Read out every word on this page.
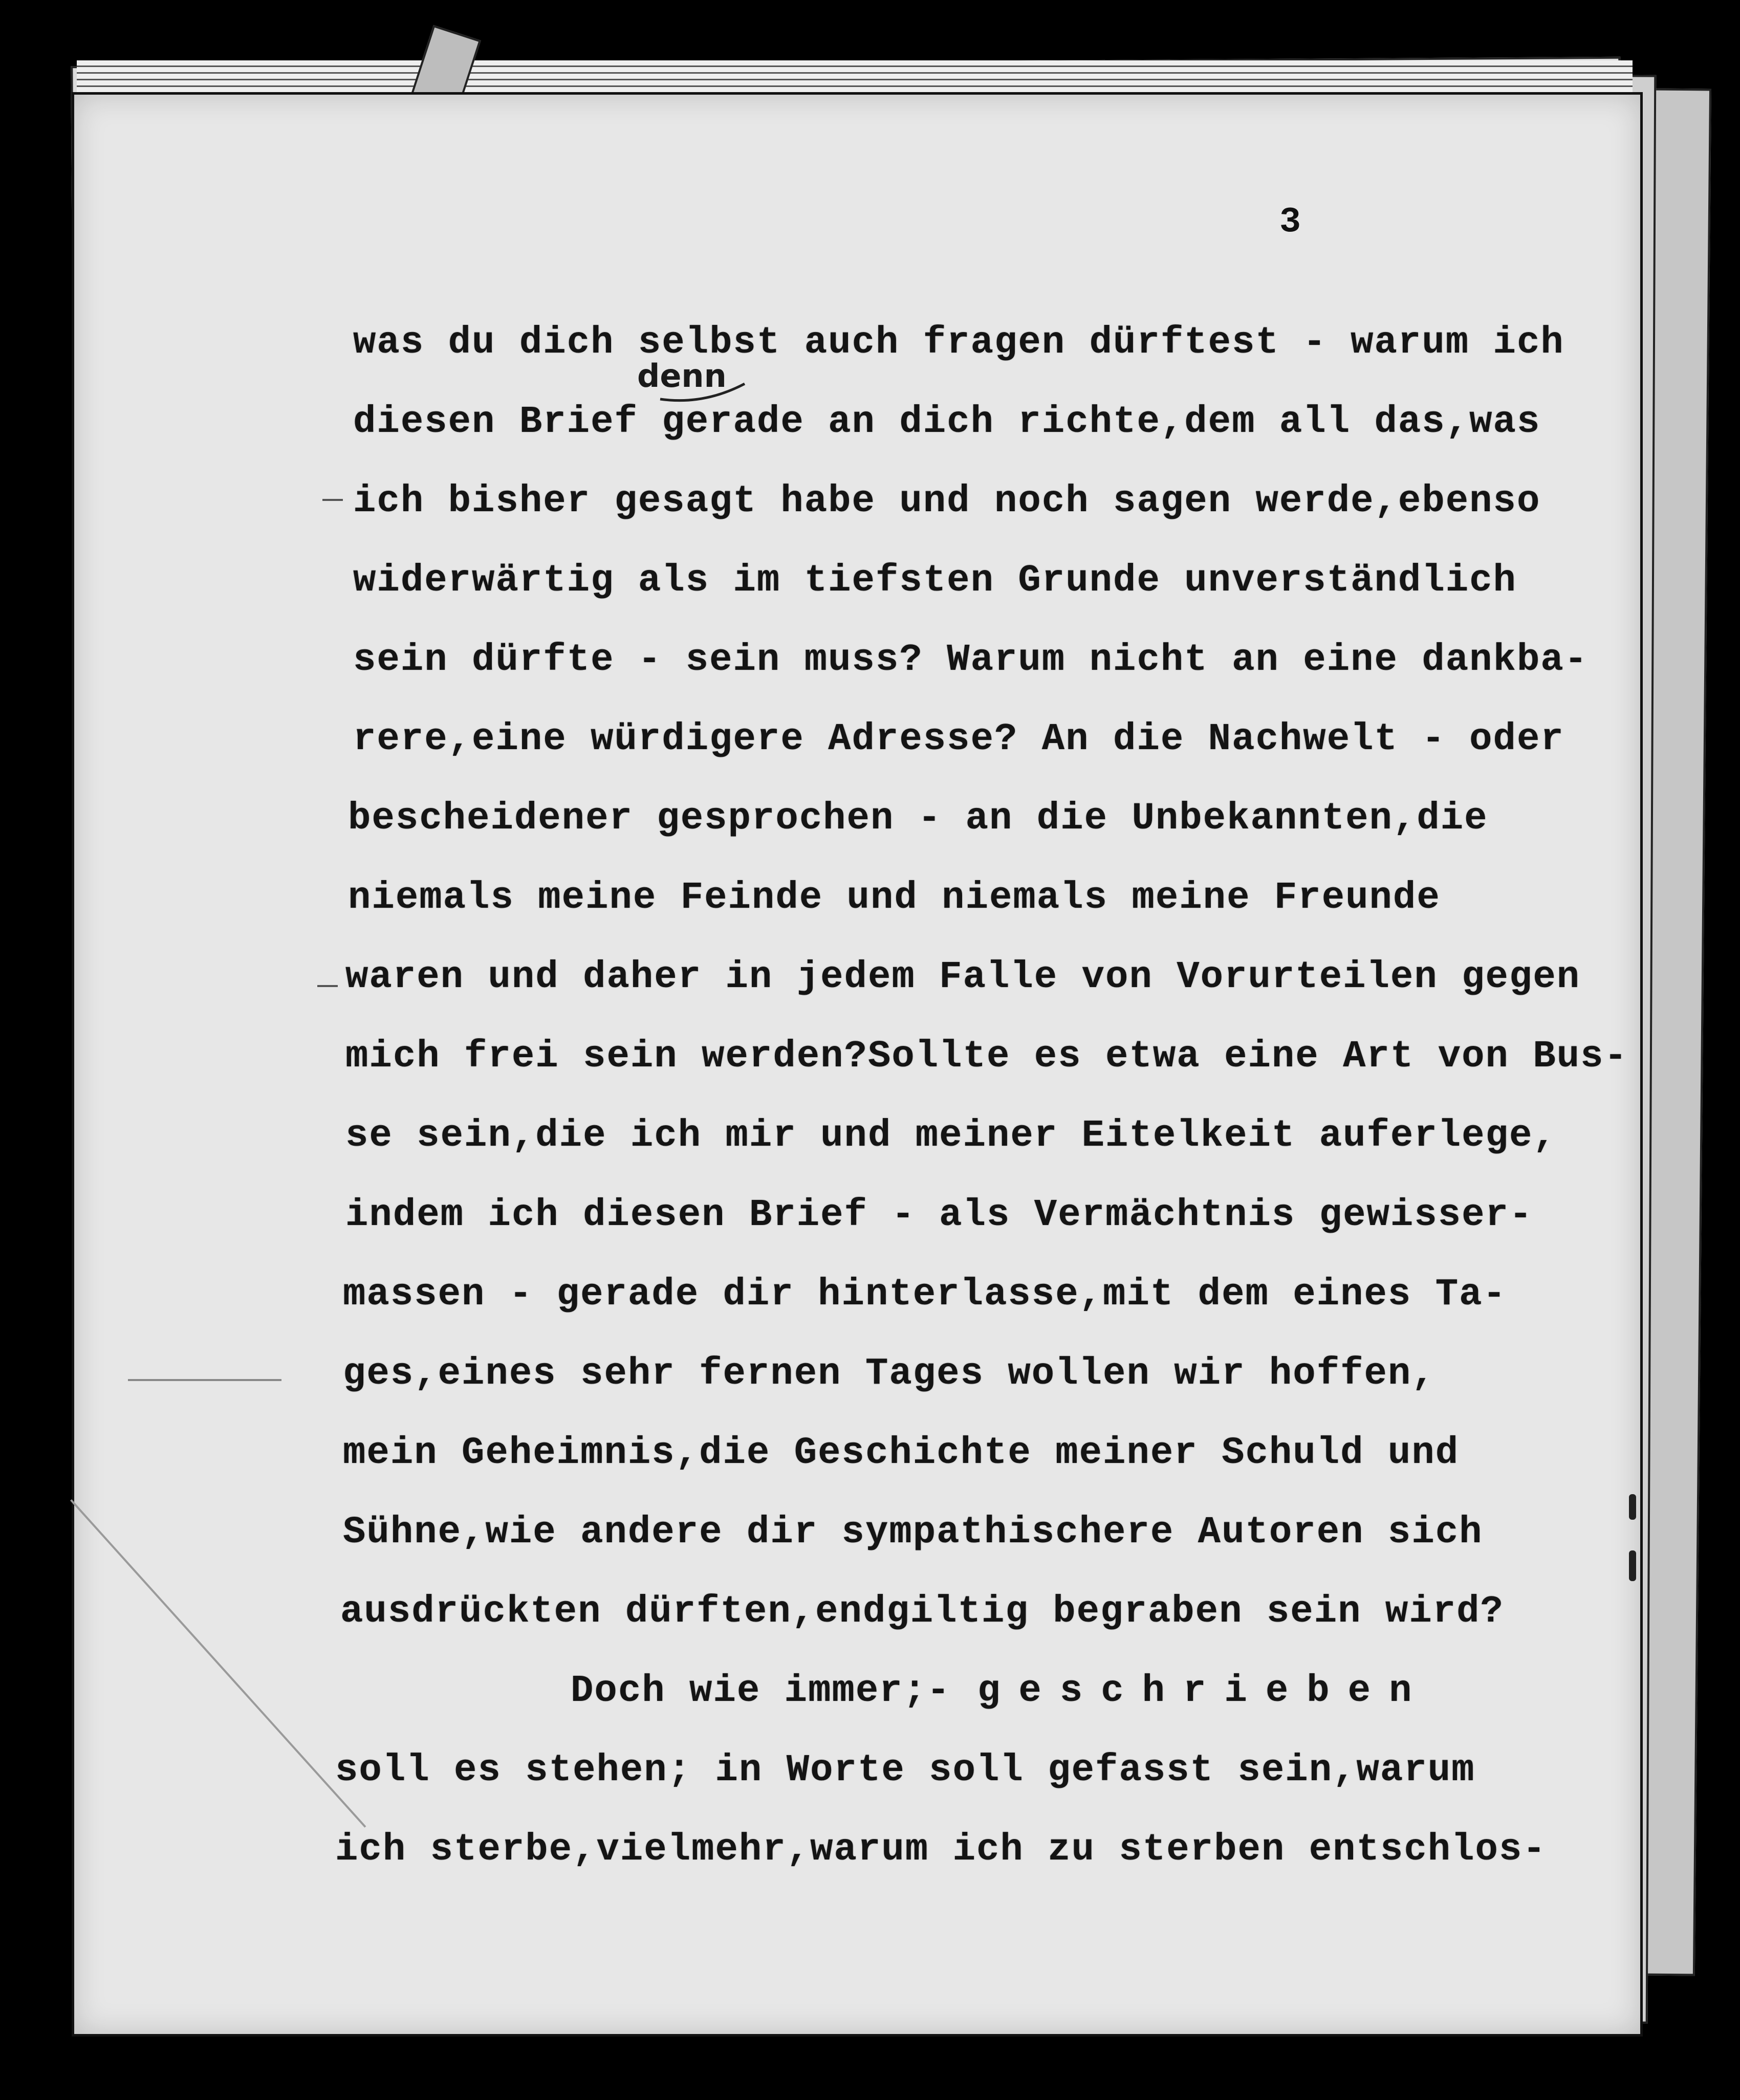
3
denn
was du dich selbst auch fragen dürftest - warum ich
diesen Brief gerade an dich richte,dem all das,was
ich bisher gesagt habe und noch sagen werde,ebenso
widerwärtig als im tiefsten Grunde unverständlich
sein dürfte - sein muss? Warum nicht an eine dankba-
rere,eine würdigere Adresse? An die Nachwelt - oder
bescheidener gesprochen - an die Unbekannten,die
niemals meine Feinde und niemals meine Freunde
waren und daher in jedem Falle von Vorurteilen gegen
mich frei sein werden?Sollte es etwa eine Art von Bus-
se sein,die ich mir und meiner Eitelkeit auferlege,
indem ich diesen Brief - als Vermächtnis gewisser-
massen - gerade dir hinterlasse,mit dem eines Ta-
ges,eines sehr fernen Tages wollen wir hoffen,
mein Geheimnis,die Geschichte meiner Schuld und
Sühne,wie andere dir sympathischere Autoren sich
ausdrückten dürften,endgiltig begraben sein wird?
Doch wie immer;- geschrieben
soll es stehen; in Worte soll gefasst sein,warum
ich sterbe,vielmehr,warum ich zu sterben entschlos-
